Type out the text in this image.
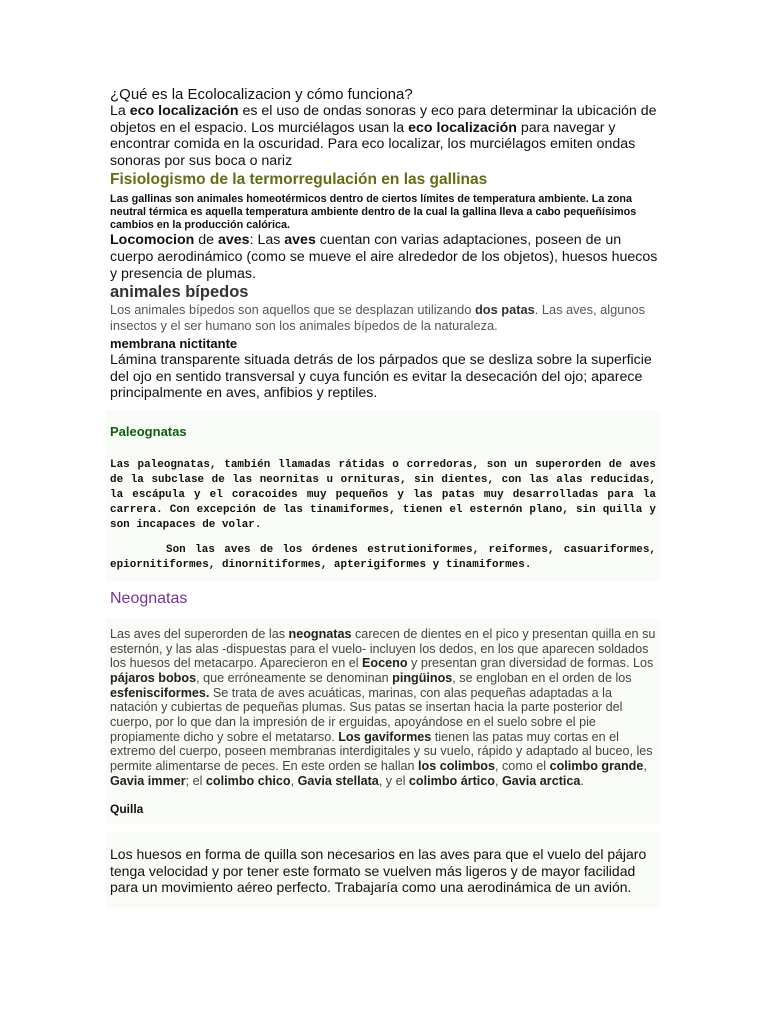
¿Qué es la Ecolocalizacion y cómo funciona?

La eco localización es el uso de ondas sonoras y eco para determinar la ubicación de objetos en el espacio. Los murciélagos usan la eco localización para navegar y encontrar comida en la oscuridad. Para eco localizar, los murciélagos emiten ondas sonoras por sus boca o nariz

Fisiologismo de la termorregulación en las gallinas

Las gallinas son animales homeotérmicos dentro de ciertos límites de temperatura ambiente. La zona neutral térmica es aquella temperatura ambiente dentro de la cual la gallina lleva a cabo pequeñísimos cambios en la producción calórica.

Locomocion de aves: Las aves cuentan con varias adaptaciones, poseen de un cuerpo aerodinámico (como se mueve el aire alrededor de los objetos), huesos huecos y presencia de plumas.

animales bípedos

Los animales bípedos son aquellos que se desplazan utilizando dos patas. Las aves, algunos insectos y el ser humano son los animales bípedos de la naturaleza.

membrana nictitante

Lámina transparente situada detrás de los párpados que se desliza sobre la superficie del ojo en sentido transversal y cuya función es evitar la desecación del ojo; aparece principalmente en aves, anfibios y reptiles.

Paleognatas

Las paleognatas, también llamadas rátidas o corredoras, son un superorden de aves de la subclase de las neornitas u ornituras, sin dientes, con las alas reducidas, la escápula y el coracoides muy pequeños y las patas muy desarrolladas para la carrera. Con excepción de las tinamiformes, tienen el esternón plano, sin quilla y son incapaces de volar.

Son las aves de los órdenes estrutioniformes, reiformes, casuariformes, epiornitiformes, dinornitiformes, apterigiformes y tinamiformes.

Neognatas

Las aves del superorden de las neognatas carecen de dientes en el pico y presentan quilla en su esternón, y las alas -dispuestas para el vuelo- incluyen los dedos, en los que aparecen soldados los huesos del metacarpo. Aparecieron en el Eoceno y presentan gran diversidad de formas. Los pájaros bobos, que erróneamente se denominan pingüinos, se engloban en el orden de los esfenisciformes. Se trata de aves acuáticas, marinas, con alas pequeñas adaptadas a la natación y cubiertas de pequeñas plumas. Sus patas se insertan hacia la parte posterior del cuerpo, por lo que dan la impresión de ir erguidas, apoyándose en el suelo sobre el pie propiamente dicho y sobre el metatarso. Los gaviformes tienen las patas muy cortas en el extremo del cuerpo, poseen membranas interdigitales y su vuelo, rápido y adaptado al buceo, les permite alimentarse de peces. En este orden se hallan los colimbos, como el colimbo grande, Gavia immer; el colimbo chico, Gavia stellata, y el colimbo ártico, Gavia arctica.

Quilla

Los huesos en forma de quilla son necesarios en las aves para que el vuelo del pájaro tenga velocidad y por tener este formato se vuelven más ligeros y de mayor facilidad para un movimiento aéreo perfecto. Trabajaría como una aerodinámica de un avión.
